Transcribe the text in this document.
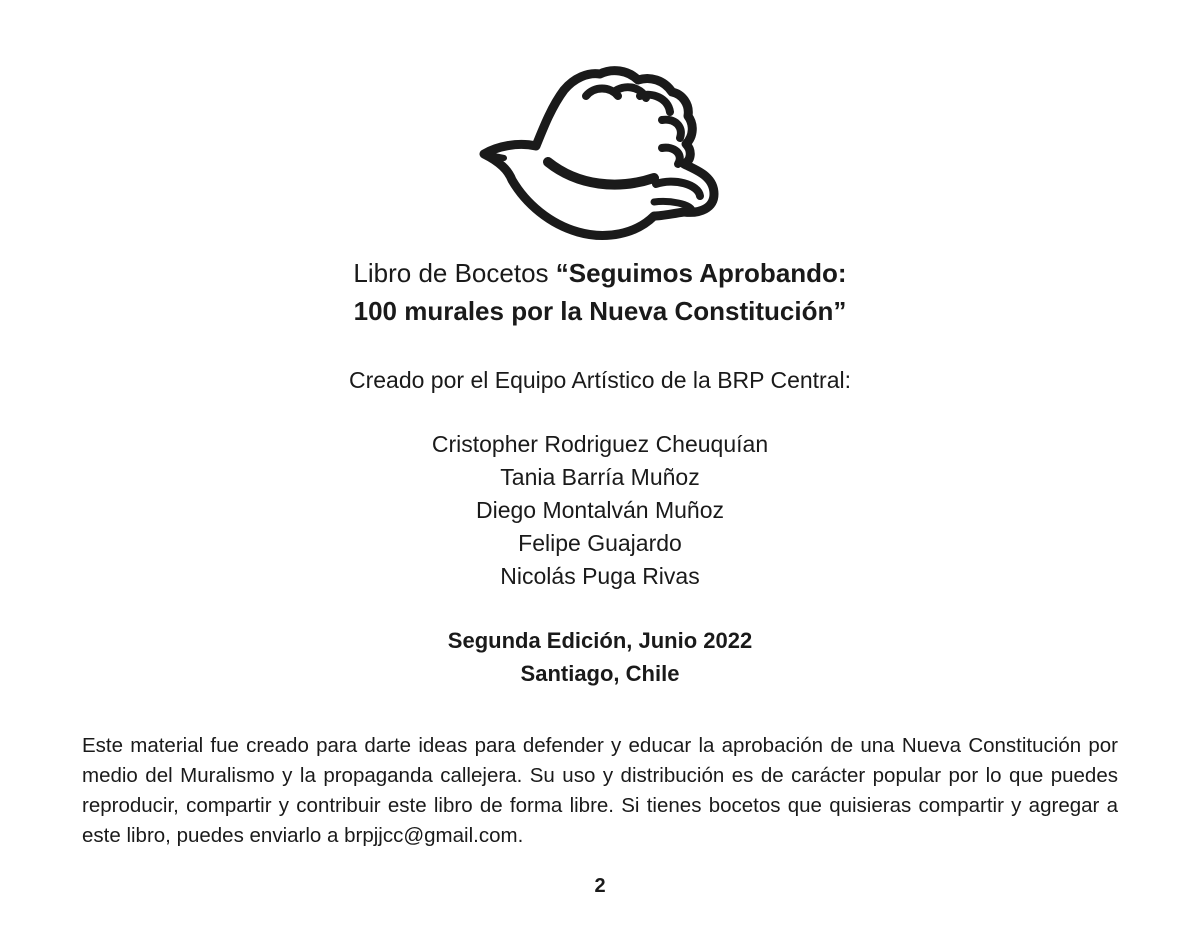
Libro de Bocetos “Seguimos Aprobando:
100 murales por la Nueva Constitución”
Creado por el Equipo Artístico de la BRP Central:
Cristopher Rodriguez Cheuquían
Tania Barría Muñoz
Diego Montalván Muñoz
Felipe Guajardo
Nicolás Puga Rivas
Segunda Edición, Junio 2022
Santiago, Chile

Este material fue creado para darte ideas para defender y educar la aprobación de una Nueva Constitución por medio del Muralismo y la propaganda callejera. Su uso y distribución es de carácter popular por lo que puedes reproducir, compartir y contribuir este libro de forma libre. Si tienes bocetos que quisieras compartir y agregar a este libro, puedes enviarlo a brpjjcc@gmail.com.

2
